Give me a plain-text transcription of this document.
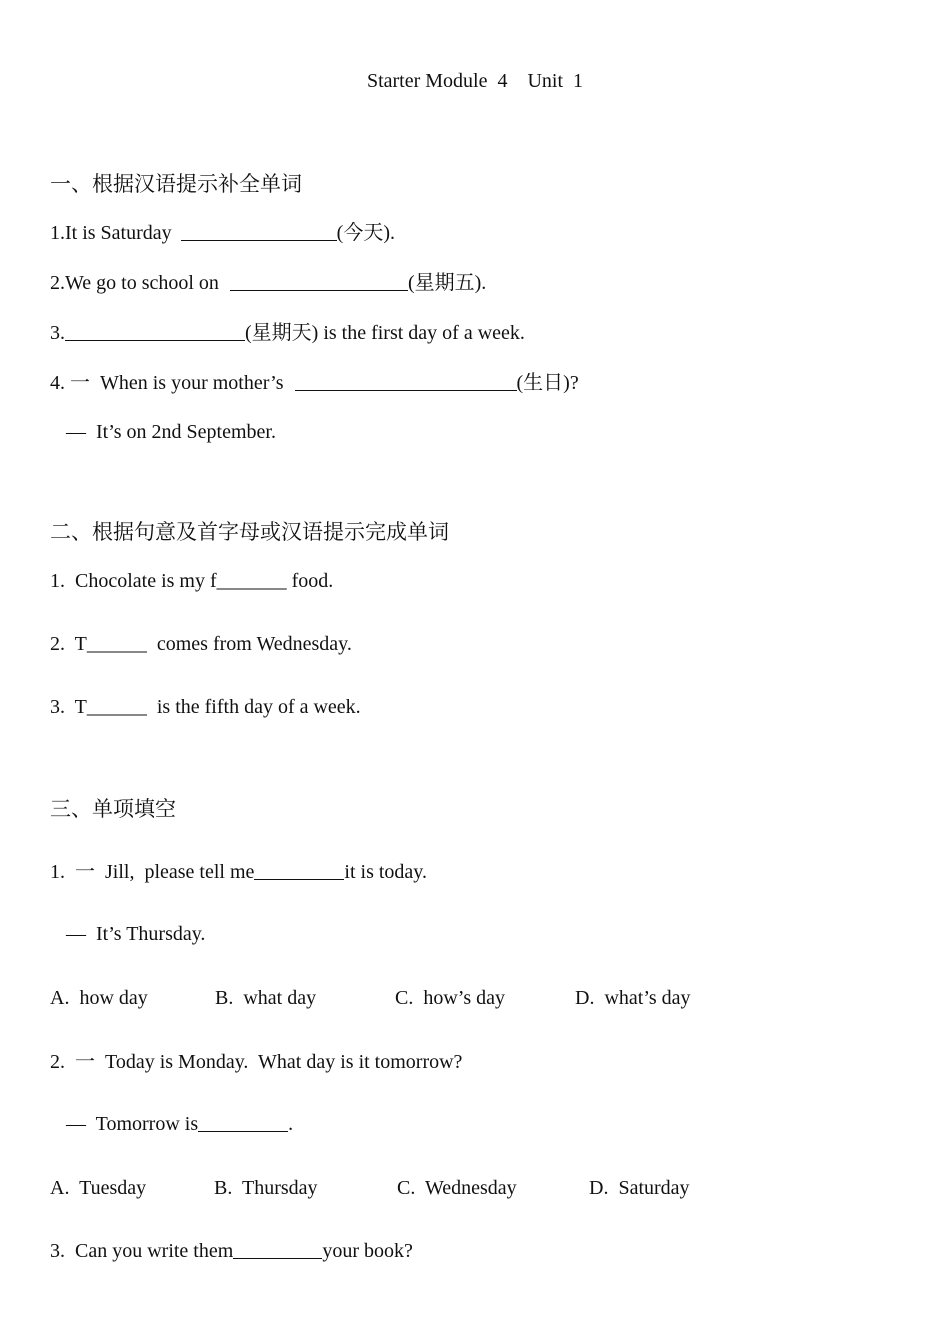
Starter Module  4    Unit  1
一、根据汉语提示补全单词
1.It is Saturday	(今天).
2.We go to school on	(星期五).
3.	(星期天) is the first day of a week.
4. 一  When is your mother’s	(生日)?
—  It’s on 2nd September.
二、根据句意及首字母或汉语提示完成单词
1.  Chocolate is my f_______ food.
2.  T______  comes from Wednesday.
3.  T______  is the fifth day of a week.
三、单项填空
1.  一  Jill,  please tell me	it is today.
—  It’s Thursday.

A.  how day

	B.  what day

	C.  how’s day

	D.  what’s day

2.  一  Today is Monday.  What day is it tomorrow?
—  Tomorrow is	.

A.  Tuesday

	B.  Thursday

	C.  Wednesday

	D.  Saturday

3.  Can you write them	your book?
